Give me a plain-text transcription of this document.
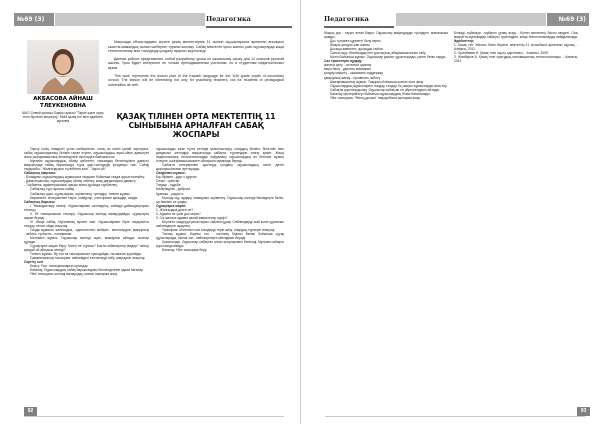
№69 (3) 2015
Педагогика
АКБАСОВА АЙНАШ
ТЛЕУКЕНОВНА
ШКО Семей қаласы Ожиры ауылы "Тарих және орыс тілін бірлесіп меңгерту" КММ қазақ тілі мен әдебиеті мұғалімі

Мақалада облыстардағы жүзеге қазақ мектептеріне 11 сынып оқушыларына арналған ағылшын кәсіптік-мамандық сынып шеберлігі туралы жоспар. Сабақ мектепте орыс жалпы үшін оқулықтарда жаңа технологиялар мен тәсілдерді қолдану арқылы жүргізіледі.

Данная работа представляет собой разработку урока по казахскому языку для 11 классов русской школы. Урок будет интересен не только преподавателям учителям, но и студентам педагогических вузов.

This work represents the lesson plan of the Kazakh language for the 11th grade pupils of secondary school. The lesson will be interesting not only for practising teachers, but for students of pedagogical universities as well.

ҚАЗАҚ ТІЛІНЕН ОРТА МЕКТЕПТІҢ 11 СЫНЫБЫНА АРНАЛҒАН САБАҚ ЖОСПАРЫ

Оқыту ісінің тиімділігі ұстаз шеберлігіне, оның өз пәнін қалай оқытуына, сабақ оқушыларының білімін талап етуіне, оқушылардың ақыл-ойын дамытуға және шығармашылық белсенділігін арттыруға байланысты.

Мұғалім оқушылардың ойлау қабілетін, танымдық белсенділігін дамыту мақсатында сабақ барысында түрлі әдіс-тәсілдерді қолдануы тиіс. Сабақ тақырыбы: "Жалғыздықты түсінбеген жан", "Ақыл-ой".

Сабақтың мақсаты:

- Білімділік: оқушылардың жұмысына тақырып бойынша сөздік қорын молайту;

- Дамытушылық: оқушылардың ойлау, сөйлеу, жазу дағдыларын дамыту;

- Тәрбиелік: адамгершілікке, жақсы мінез-құлыққа тәрбиелеу.

Сабақтың түрі: аралас сабақ.

Сабақтың әдісі: сұрақ-жауап, әңгімелесу, түсіндіру, топпен жұмыс.

Көрнекілігі: интерактивті тақта, слайдтар, үлестірмелі қағаздар, сөздік.

Сабақтың барысы:

І. Ұйымдастыру кезеңі. Оқушылармен сәлемдесу, сабаққа дайындықтарын тексеру.

ІІ. Үй тапсырмасын тексеру. Оқушылар мәтінді мазмұндайды, сұрақтарға жауап береді.

ІІІ. Жаңа сабақ. Мұғалімнің кіріспе сөзі. Оқушылармен бірге тақырыпты талдау, негізгі ойды анықтау.

Сөздік жұмысы: жалғыздық - одиночество, мейірім - милосердие, қамқорлық - забота, түсіністік - понимание.

Мәтінмен жұмыс. Оқушылар мәтінді оқып, мазмұнын айтады, жоспар құрады.

Сұрақтарға жауап беру: Мәтін не туралы? Басты кейіпкерлер кімдер? Автор қандай ой айтқысы келеді?

Топпен жұмыс. Әр топ өз тапсырмасын орындайды, нәтижесін қорғайды.

Грамматикалық тапсырма: сөйлемдегі етістіктерді табу, шақтарын анықтау.

Сергіту сәті.

Бекіту. Тест тапсырмаларын орындау.

Бағалау. Оқушылардың сабақ барысындағы белсенділігіне қарай бағалау.

Үйге тапсырма: мәтінді мазмұндау, шағын шығарма жазу.

оқушыларды жеке тұлға ретінде қалыптастыру, олардың білімін, біліктілігі мен дағдысын жетілдіру мақсатында сабақты түрлендіріп өткізу қажет. Жаңа педагогикалық технологияларды пайдалану оқушылардың өз бетінше жұмыс істеуіне, шығармашылықпен ойлауына мүмкіндік береді.

Сабақта интерактивті әдістерді қолдану оқушылардың пәнге деген қызығушылығын арттырады.

Сөздікпен жұмыс:

Бір-бірімен - друг с другом

Сезім - чувство

Тағдыр - судьба

Мейірімділік - доброта

Қуаныш - радость

Мәтінді оқу, аудару, мазмұнын әңгімелеу. Оқушылар мәтінді бөлімдерге бөліп, әр бөлімге ат қояды.

Сұрақтарға жауап:

1. Жалғыздық деген не?

2. Адамға не үшін дос керек?

3. Сіз жалғыз адамға қалай көмектесер едіңіз?

Берілген сөздерді қатыстырып сөйлем құрау. Сөйлемдерді жай және құрмалас сөйлемдерге ажырату.

Тапсырма. Мәтіннен сын есімдерді теріп жазу, олардың түрлерін анықтау.

Топтық жұмыс. Бірінші топ - мәтіннің бірінші бөлімі бойынша сұрақ құрастырады, екінші топ - кейіпкерлерге мінездеме береді.

Қорытынды. Оқушылар сабақтан алған әсерлерімен бөліседі. Мұғалім сабақты қорытындылайды.

Бағалау. Үйге тапсырма беру.

92
Педагогика	№69 (3) 2015

Жақсы дос - тауып алған бақыт. Оқушылар мақалдарды түсіндіріп, мағынасын ашады.

Дос тұтқанға құрметті болу керек.

Жақсы жолдас жан азығы.

Досыңа көмектес, досыңды сыйла.

Салыстыру. Жалғыздық пен достықтың айырмашылығын табу.

Мәтін бойынша жұмыс. Оқушылар диалог құрастырады, рөлге бөліп оқиды.

Сөз тіркестерін аудару:

жалғыз қалу - остаться одному

көңіл бөлу - уделять внимание

қолдау көрсету - оказывать поддержку

қамқорлық жасау - проявлять заботу

Шығармашылық жұмыс. Тақырып бойынша шағын эссе жазу.

Оқушылардың жұмыстарын тыңдау, талдау. Ең жақсы жұмыстарды атап өту.

Сабақты қорытындылау. Оқушылар сабақтан не үйренгендерін айтады.

Бағалау критерийлері бойынша оқушылардың білімі бағаланады.

Үйге тапсырма: "Менің досым" тақырыбына шығарма жазу.

Білімді, еңбекқор, тәрбиелі ұрпақ өсіру - бүгінгі мектептің басты міндеті. Осы мақсатта мұғалімдер сабақты түрлендіріп, жаңа технологияларды пайдаланады.

Әдебиеттер:

1. Қазақ тілі. Жалпы білім беретін мектептің 11 сыныбына арналған оқулық. - Алматы, 2011.

2. Оралбаева Н. Қазақ тілін оқыту әдістемесі. - Алматы, 2009.

3. Жапбаров А. Қазақ тілін оқытудың инновациялық технологиялары. - Алматы, 2012.

93
